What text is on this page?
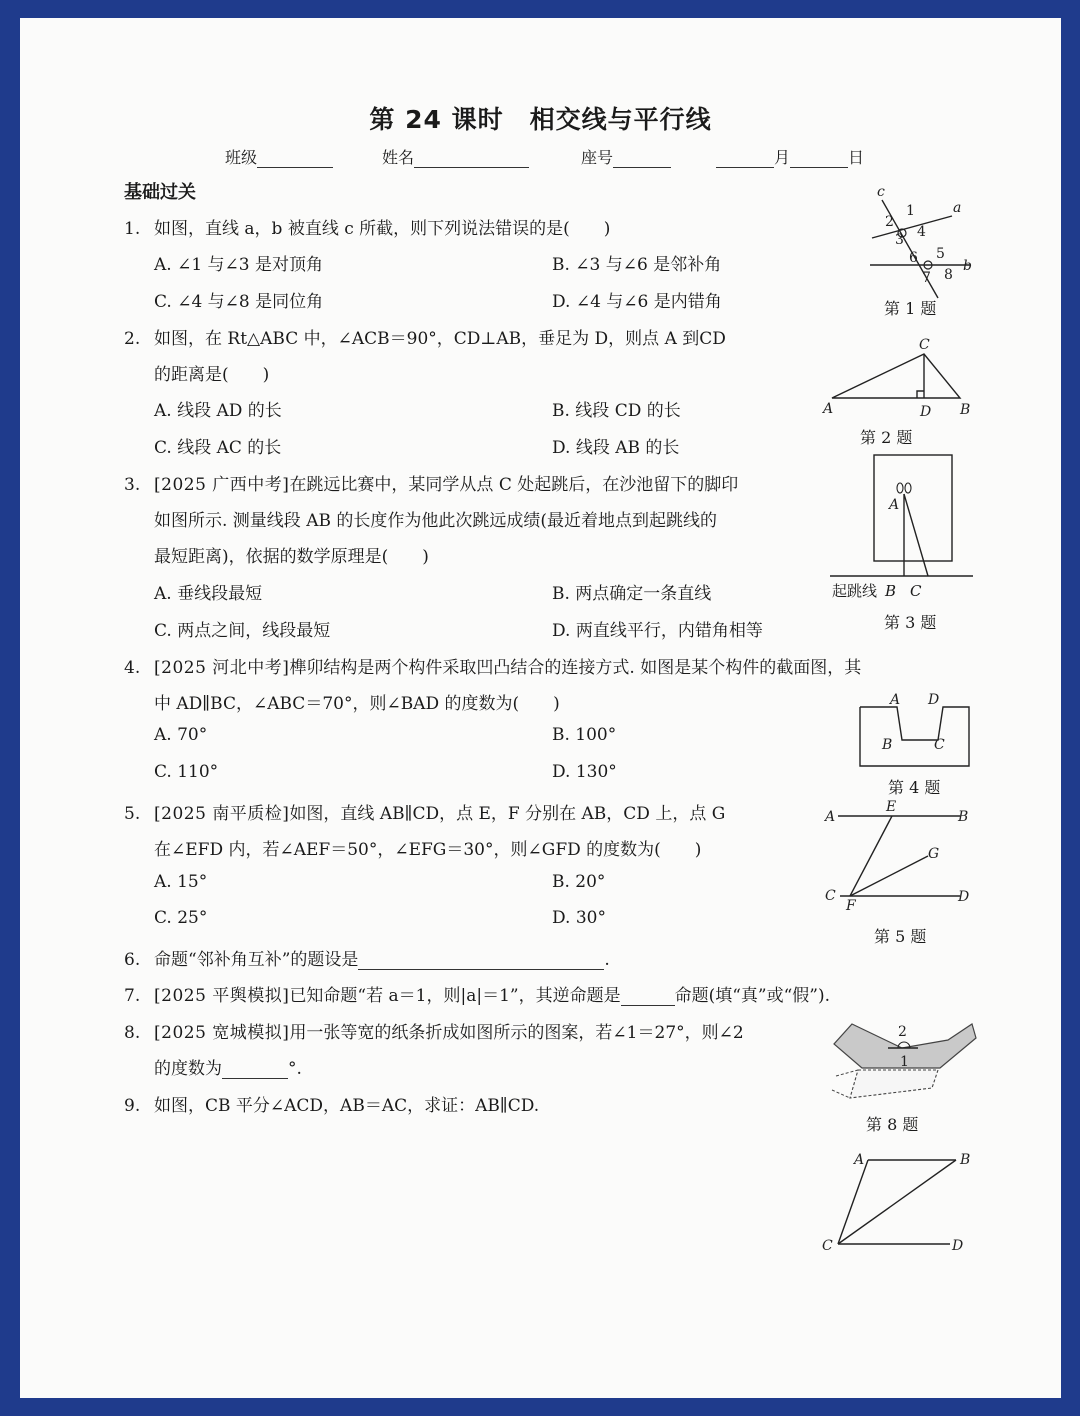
第 24 课时　相交线与平行线
班级	姓名	座号	月	日
基础过关
1. 如图，直线 a，b 被直线 c 所截，则下列说法错误的是(　　)
A. ∠1 与∠3 是对顶角	B. ∠3 与∠6 是邻补角
C. ∠4 与∠8 是同位角	D. ∠4 与∠6 是内错角
2. 如图，在 Rt△ABC 中，∠ACB＝90°，CD⊥AB，垂足为 D，则点 A 到CD
的距离是(　　)
A. 线段 AD 的长	B. 线段 CD 的长
C. 线段 AC 的长	D. 线段 AB 的长
3. [2025 广西中考]在跳远比赛中，某同学从点 C 处起跳后，在沙池留下的脚印
如图所示. 测量线段 AB 的长度作为他此次跳远成绩(最近着地点到起跳线的
最短距离)，依据的数学原理是(　　)
A. 垂线段最短	B. 两点确定一条直线
C. 两点之间，线段最短	D. 两直线平行，内错角相等
4. [2025 河北中考]榫卯结构是两个构件采取凹凸结合的连接方式. 如图是某个构件的截面图，其
中 AD∥BC，∠ABC＝70°，则∠BAD 的度数为(　　)
A. 70°	B. 100°
C. 110°	D. 130°
5. [2025 南平质检]如图，直线 AB∥CD，点 E，F 分别在 AB，CD 上，点 G
在∠EFD 内，若∠AEF＝50°，∠EFG＝30°，则∠GFD 的度数为(　　)
A. 15°	B. 20°
C. 25°	D. 30°
6. 命题“邻补角互补”的题设是	.
7. [2025 平舆模拟]已知命题“若 a＝1，则|a|＝1”，其逆命题是	命题(填“真”或“假”).
8. [2025 宽城模拟]用一张等宽的纸条折成如图所示的图案，若∠1＝27°，则∠2
的度数为	°.
9. 如图，CB 平分∠ACD，AB＝AC，求证：AB∥CD.
c
a
b
1
2
3 4
5
6
7 8
第 1 题
C
A	D B
第 2 题
A
起跳线 B C
第 3 题
A D
B	C
第 4 题
A
E
B
G
C
F
D
第 5 题
2
1
第 8 题
A	B
C	D
